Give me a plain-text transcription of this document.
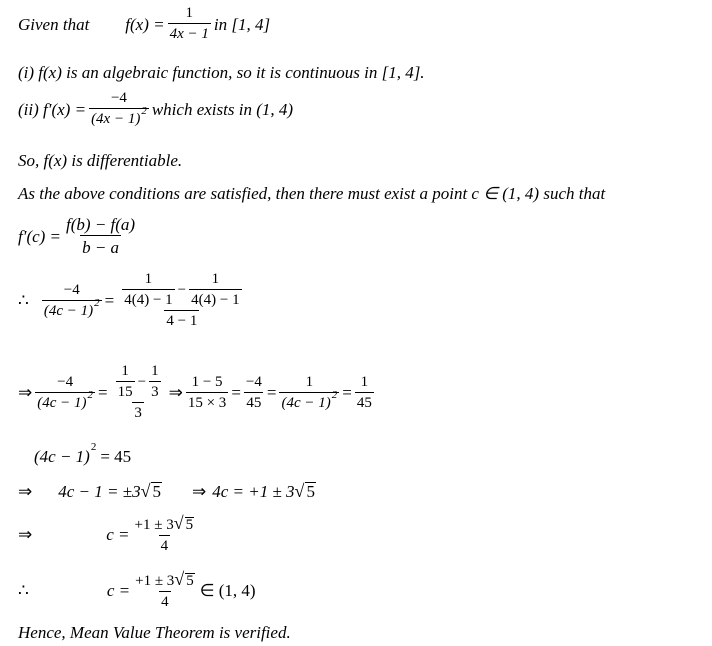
Given that $f(x) = \frac{1}{4x - 1}$ in [1, 4]
(i) f(x) is an algebraic function, so it is continuous in [1, 4].
(ii) $f'(x) = \frac{-4}{(4x - 1)^2}$ which exists in (1, 4)
So, f(x) is differentiable.
As the above conditions are satisfied, then there must exist a point c ∈ (1, 4) such that
$f'(c) = \frac{f(b) - f(a)}{b - a}$
∴ $\frac{-4}{(4c - 1)^2} = \frac{1}{4(4) - 1} - \frac{1}{4(4) - 1}$
4 − 1
⇒ $\frac{-4}{(4c - 1)^2} = \frac{1}{15} - \frac{1}{3}$
3
⇒ $\frac{1 - 5}{15 \times 3} = \frac{-4}{45} = \frac{1}{(4c - 1)^2} = \frac{1}{45}$
(4c − 1) 2 = 45
⇒ 4c − 1 = ±3 √ 5 ⇒ 4c = +1 ± 3 √ 5
⇒	$c = \frac{+1 \pm 3√ 5}{4}$
∴	$c = \frac{+1 \pm 3√ 5}{4}$ ∈ (1, 4)
Hence, Mean Value Theorem is verified.
